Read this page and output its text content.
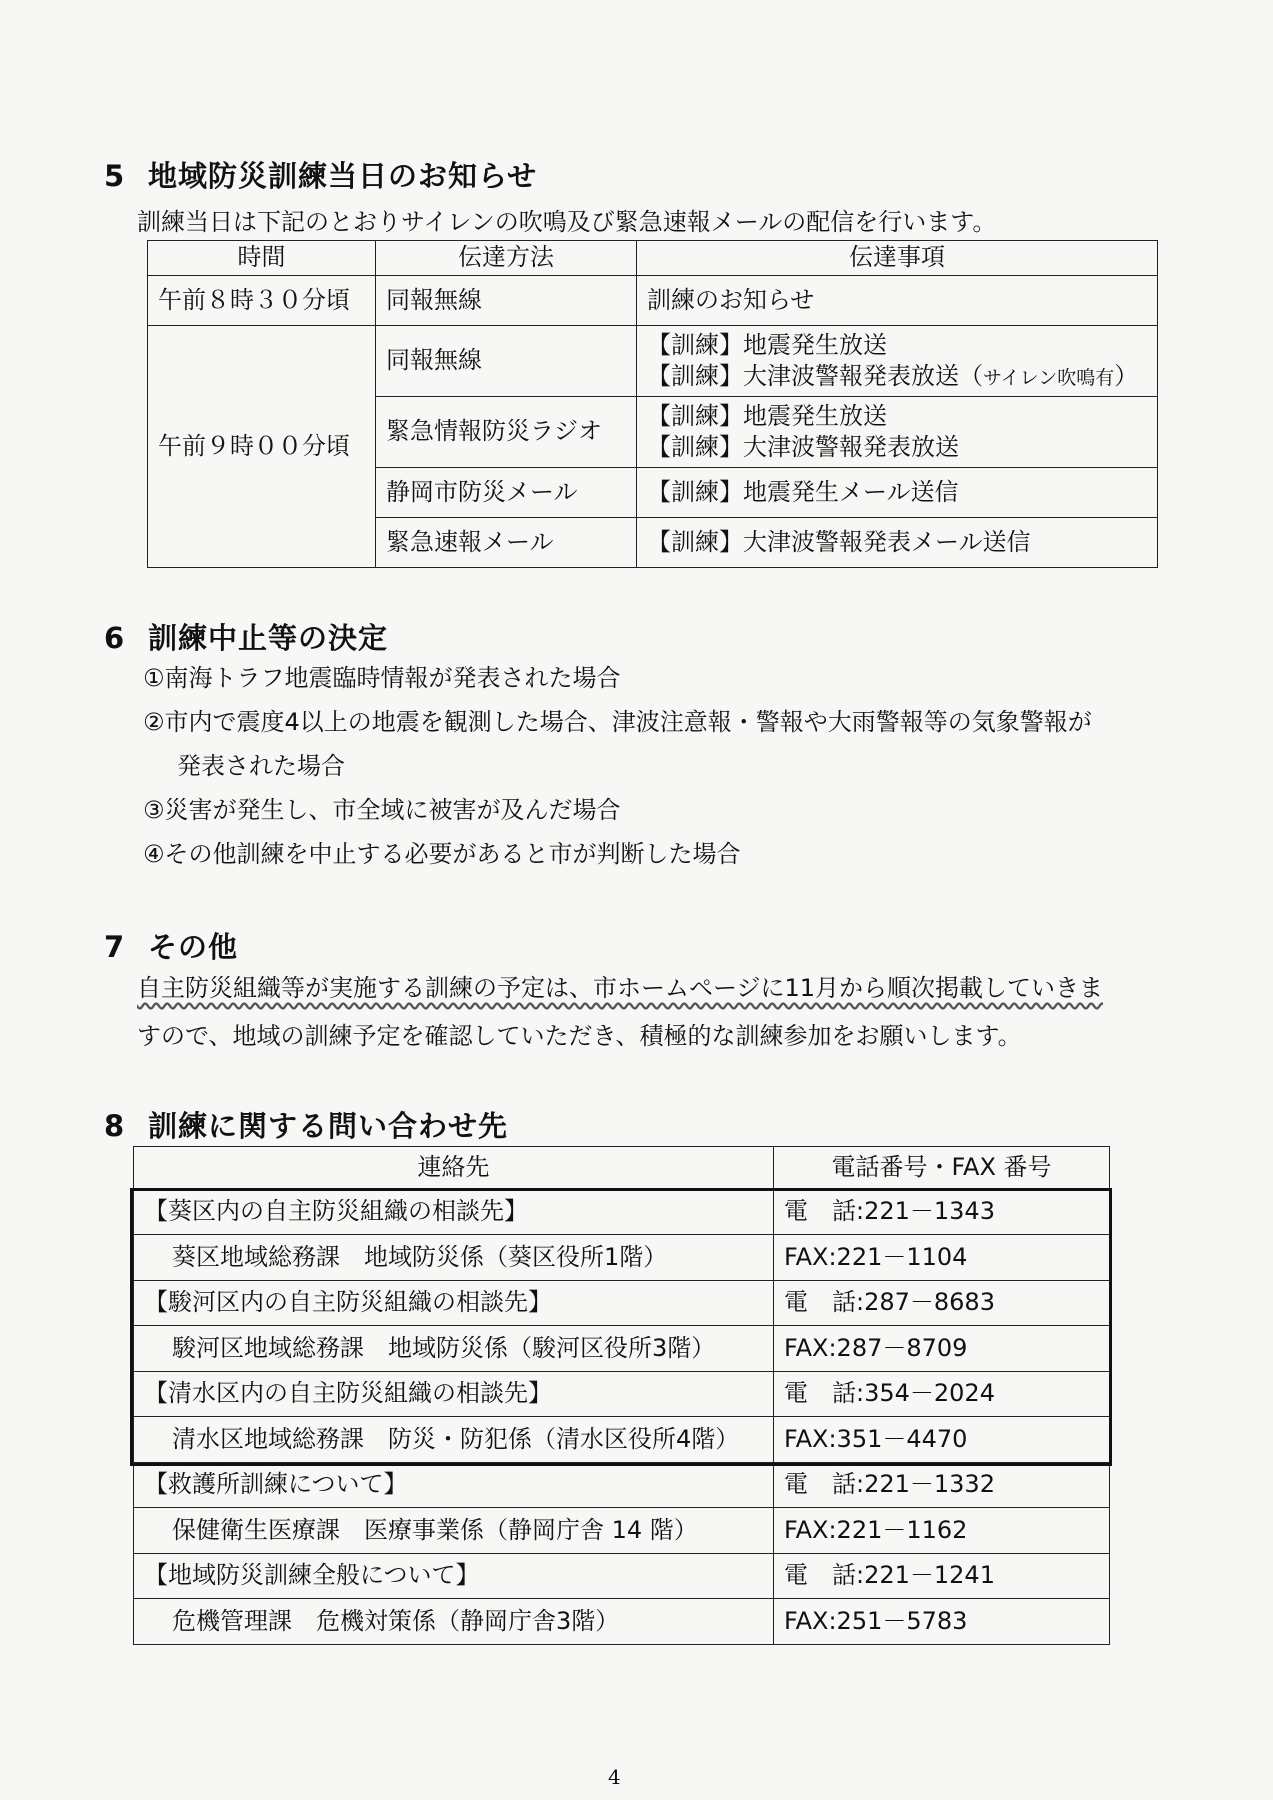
5 地域防災訓練当日のお知らせ

訓練当日は下記のとおりサイレンの吹鳴及び緊急速報メールの配信を行います。

時間	伝達方法	伝達事項
午前８時３０分頃	同報無線	訓練のお知らせ
午前９時００分頃	同報無線	【訓練】地震発生放送
【訓練】大津波警報発表放送（サイレン吹鳴有）

	緊急情報防災ラジオ	【訓練】地震発生放送
【訓練】大津波警報発表放送

	静岡市防災メール	【訓練】地震発生メール送信
	緊急速報メール	【訓練】大津波警報発表メール送信
6 訓練中止等の決定
①南海トラフ地震臨時情報が発表された場合
②市内で震度4以上の地震を観測した場合、津波注意報・警報や大雨警報等の気象警報が
発表された場合
③災害が発生し、市全域に被害が及んだ場合
④その他訓練を中止する必要があると市が判断した場合
7 その他
自主防災組織等が実施する訓練の予定は、市ホームページに11月から順次掲載していきま
すので、地域の訓練予定を確認していただき、積極的な訓練参加をお願いします。
8 訓練に関する問い合わせ先
連絡先	電話番号・FAX 番号
【葵区内の自主防災組織の相談先】	電　話:221－1343
葵区地域総務課　地域防災係（葵区役所1階）	FAX:221－1104
【駿河区内の自主防災組織の相談先】	電　話:287－8683
駿河区地域総務課　地域防災係（駿河区役所3階）	FAX:287－8709
【清水区内の自主防災組織の相談先】	電　話:354－2024
清水区地域総務課　防災・防犯係（清水区役所4階）	FAX:351－4470
【救護所訓練について】	電　話:221－1332
保健衛生医療課　医療事業係（静岡庁舎 14 階）	FAX:221－1162
【地域防災訓練全般について】	電　話:221－1241
危機管理課　危機対策係（静岡庁舎3階）	FAX:251－5783
4
